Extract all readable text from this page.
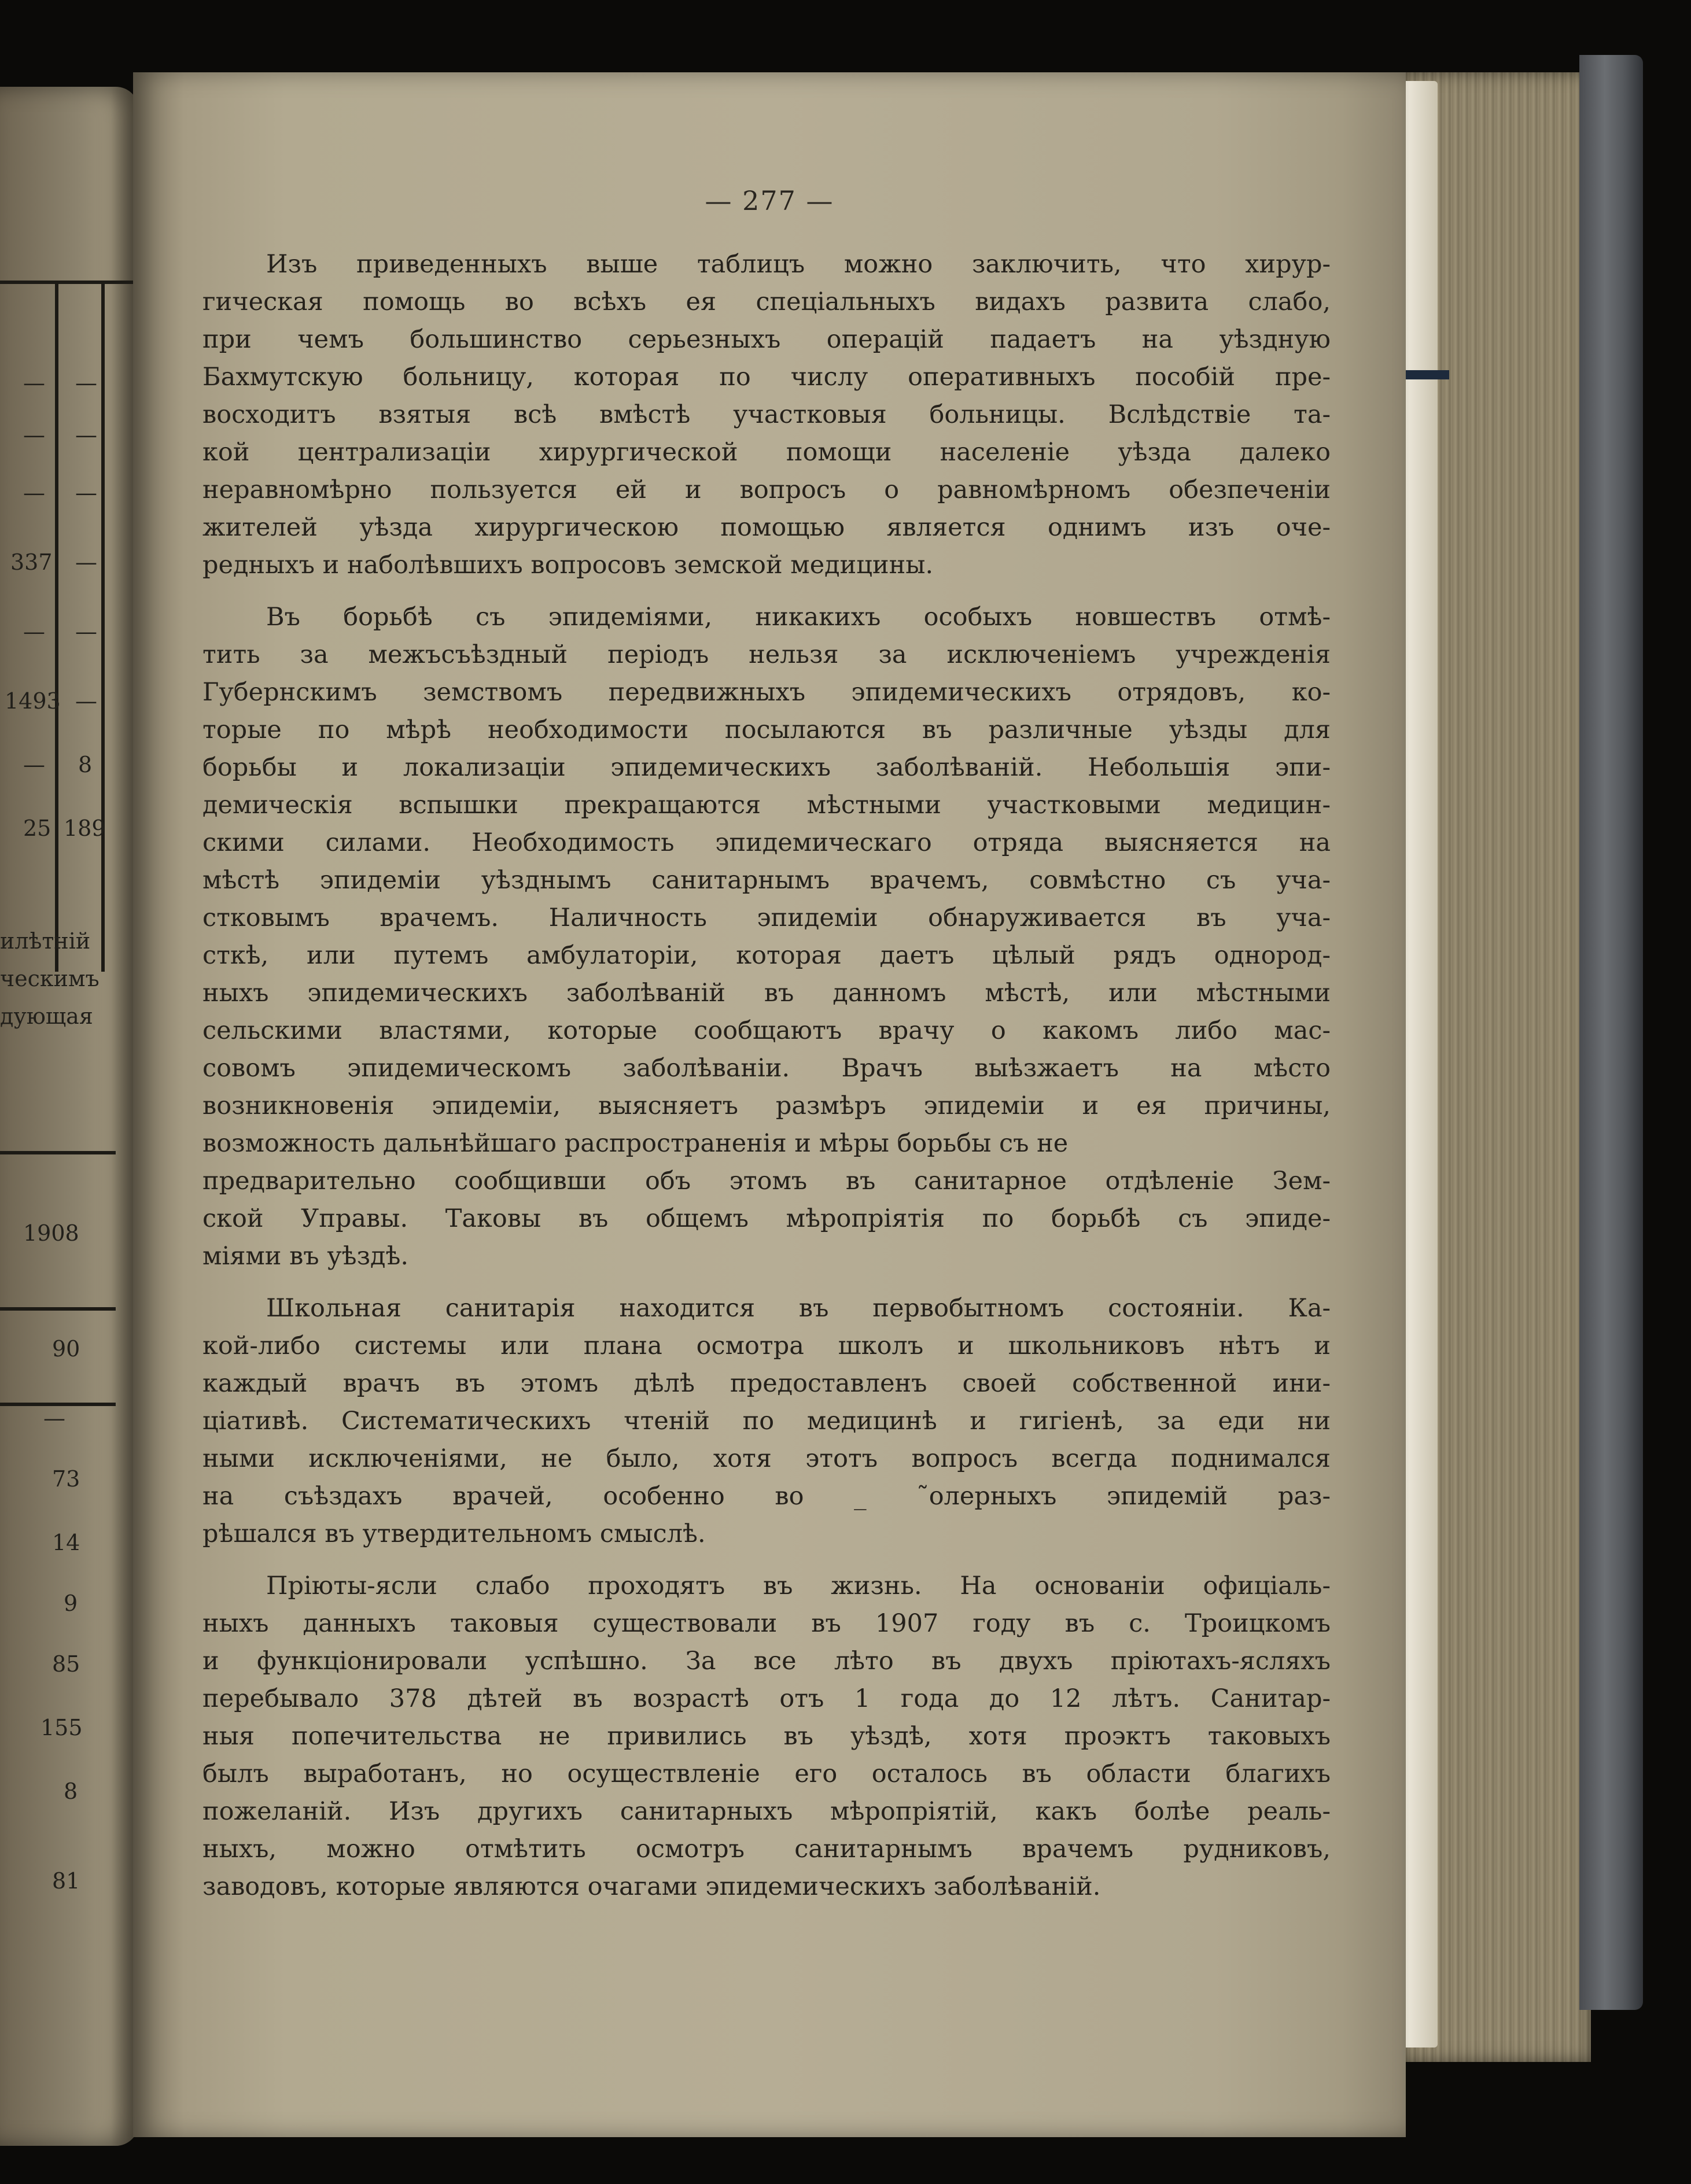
— —
— —
— —
337 —
— —
1493 —
— 8
25 189
илѣтній
ческимъ
дующая
1908
90
—
73
14
9
85
155
8
81
— 277 —

Изъ приведенныхъ выше таблицъ можно заключить, что хирур-
гическая помощь во всѣхъ ея спеціальныхъ видахъ развита слабо,
при чемъ большинство серьезныхъ операцій падаетъ на уѣздную
Бахмутскую больницу, которая по числу оперативныхъ пособій пре-
восходитъ взятыя всѣ вмѣстѣ участковыя больницы. Вслѣдствіе та-
кой централизаціи хирургической помощи населеніе уѣзда далеко
неравномѣрно пользуется ей и вопросъ о равномѣрномъ обезпеченіи
жителей уѣзда хирургическою помощью является однимъ изъ оче-
редныхъ и наболѣвшихъ вопросовъ земской медицины.

Въ борьбѣ съ эпидеміями, никакихъ особыхъ новшествъ отмѣ-
тить за межъсъѣздный періодъ нельзя за исключеніемъ учрежденія
Губернскимъ земствомъ передвижныхъ эпидемическихъ отрядовъ, ко-
торые по мѣрѣ необходимости посылаются въ различные уѣзды для
борьбы и локализаціи эпидемическихъ заболѣваній. Небольшія эпи-
демическія вспышки прекращаются мѣстными участковыми медицин-
скими силами. Необходимость эпидемическаго отряда выясняется на
мѣстѣ эпидеміи уѣзднымъ санитарнымъ врачемъ, совмѣстно съ уча-
стковымъ врачемъ. Наличность эпидеміи обнаруживается въ уча-
сткѣ, или путемъ амбулаторіи, которая даетъ цѣлый рядъ однород-
ныхъ эпидемическихъ заболѣваній въ данномъ мѣстѣ, или мѣстными
сельскими властями, которые сообщаютъ врачу о какомъ либо мас-
совомъ эпидемическомъ заболѣваніи. Врачъ выѣзжаетъ на мѣсто
возникновенія эпидеміи, выясняетъ размѣръ эпидеміи и ея причины,
возможность дальнѣйшаго распространенія и мѣры борьбы съ не
предварительно сообщивши объ этомъ въ санитарное отдѣленіе Зем-
ской Управы. Таковы въ общемъ мѣропріятія по борьбѣ съ эпиде-
міями въ уѣздѣ.

Школьная санитарія находится въ первобытномъ состояніи. Ка-
кой-либо системы или плана осмотра школъ и школьниковъ нѣтъ и
каждый врачъ въ этомъ дѣлѣ предоставленъ своей собственной ини-
ціативѣ. Систематическихъ чтеній по медицинѣ и гигіенѣ, за еди ни
ными исключеніями, не было, хотя этотъ вопросъ всегда поднимался
на съѣздахъ врачей, особенно во _ ˜олерныхъ эпидемій раз-
рѣшался въ утвердительномъ смыслѣ.

Пріюты-ясли слабо проходятъ въ жизнь. На основаніи офиціаль-
ныхъ данныхъ таковыя существовали въ 1907 году въ с. Троицкомъ
и функціонировали успѣшно. За все лѣто въ двухъ пріютахъ-ясляхъ
перебывало 378 дѣтей въ возрастѣ отъ 1 года до 12 лѣтъ. Санитар-
ныя попечительства не привились въ уѣздѣ, хотя проэктъ таковыхъ
былъ выработанъ, но осуществленіе его осталось въ области благихъ
пожеланій. Изъ другихъ санитарныхъ мѣропріятій, какъ болѣе реаль-
ныхъ, можно отмѣтить осмотръ санитарнымъ врачемъ рудниковъ,
заводовъ, которые являются очагами эпидемическихъ заболѣваній.
